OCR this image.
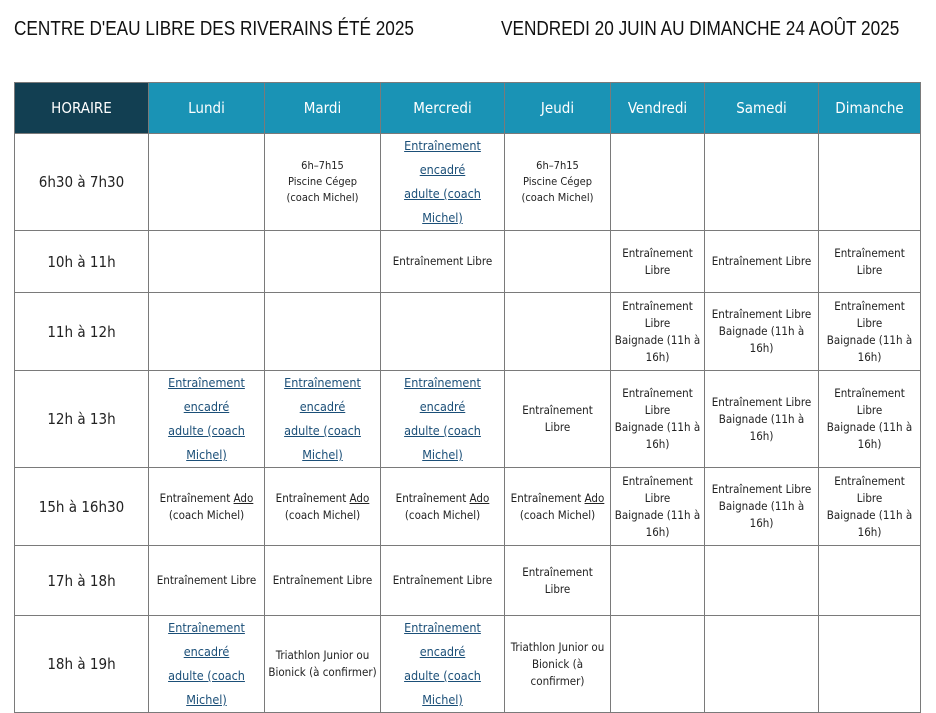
CENTRE D'EAU LIBRE DES RIVERAINS ÉTÉ 2025	VENDREDI 20 JUIN AU DIMANCHE 24 AOÛT 2025
HORAIRE	Lundi	Mardi	Mercredi	Jeudi	Vendredi	Samedi	Dimanche
6h30 à 7h30		6h–7h15
Piscine Cégep
(coach Michel)	Entraînement encadré
adulte (coach Michel)	6h–7h15
Piscine Cégep
(coach Michel)			

10h à 11h			Entraînement Libre		Entraînement Libre	Entraînement Libre	Entraînement Libre

11h à 12h					Entraînement Libre
Baignade (11h à
16h)	Entraînement Libre
Baignade (11h à 16h)	Entraînement Libre
Baignade (11h à 16h)

12h à 13h	Entraînement encadré
adulte (coach Michel)	Entraînement encadré
adulte (coach Michel)	Entraînement encadré
adulte (coach Michel)	Entraînement Libre	Entraînement Libre
Baignade (11h à
16h)	Entraînement Libre
Baignade (11h à 16h)	Entraînement Libre
Baignade (11h à 16h)

15h à 16h30	Entraînement Ado
(coach Michel)	Entraînement Ado
(coach Michel)	Entraînement Ado
(coach Michel)	Entraînement Ado
(coach Michel)	Entraînement Libre
Baignade (11h à
16h)	Entraînement Libre
Baignade (11h à 16h)	Entraînement Libre
Baignade (11h à 16h)

17h à 18h	Entraînement Libre	Entraînement Libre	Entraînement Libre	Entraînement Libre			

18h à 19h	Entraînement encadré
adulte (coach Michel)	Triathlon Junior ou
Bionick (à confirmer)	Entraînement encadré
adulte (coach Michel)	Triathlon Junior ou
Bionick (à confirmer)			
